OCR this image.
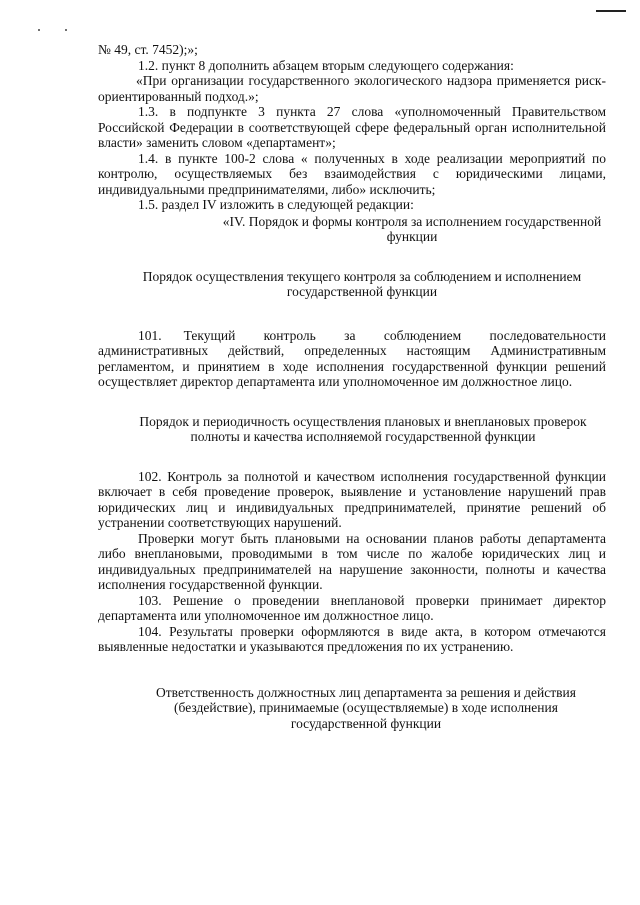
№ 49, ст. 7452);»;

1.2. пункт 8 дополнить абзацем вторым следующего содержания:

«При организации государственного экологического надзора применяется риск-ориентированный подход.»;

1.3. в подпункте 3 пункта 27 слова «уполномоченный Правительством Российской Федерации в соответствующей сфере федеральный орган исполнительной власти» заменить словом «департамент»;

1.4. в пункте 100-2 слова « полученных в ходе реализации мероприятий по контролю, осуществляемых без взаимодействия с юридическими лицами, индивидуальными предпринимателями, либо» исключить;

1.5. раздел IV изложить в следующей редакции:

«IV. Порядок и формы контроля за исполнением государственной функции

Порядок осуществления текущего контроля за соблюдением и исполнением государственной функции

101. Текущий контроль за соблюдением последовательности административных действий, определенных настоящим Административным регламентом, и принятием в ходе исполнения государственной функции решений осуществляет директор департамента или уполномоченное им должностное лицо.

Порядок и периодичность осуществления плановых и внеплановых проверок полноты и качества исполняемой государственной функции

102. Контроль за полнотой и качеством исполнения государственной функции включает в себя проведение проверок, выявление и установление нарушений прав юридических лиц и индивидуальных предпринимателей, принятие решений об устранении соответствующих нарушений.

Проверки могут быть плановыми на основании планов работы департамента либо внеплановыми, проводимыми в том числе по жалобе юридических лиц и индивидуальных предпринимателей на нарушение законности, полноты и качества исполнения государственной функции.

103. Решение о проведении внеплановой проверки принимает директор департамента или уполномоченное им должностное лицо.

104. Результаты проверки оформляются в виде акта, в котором отмечаются выявленные недостатки и указываются предложения по их устранению.

Ответственность должностных лиц департамента за решения и действия (бездействие), принимаемые (осуществляемые) в ходе исполнения государственной функции
